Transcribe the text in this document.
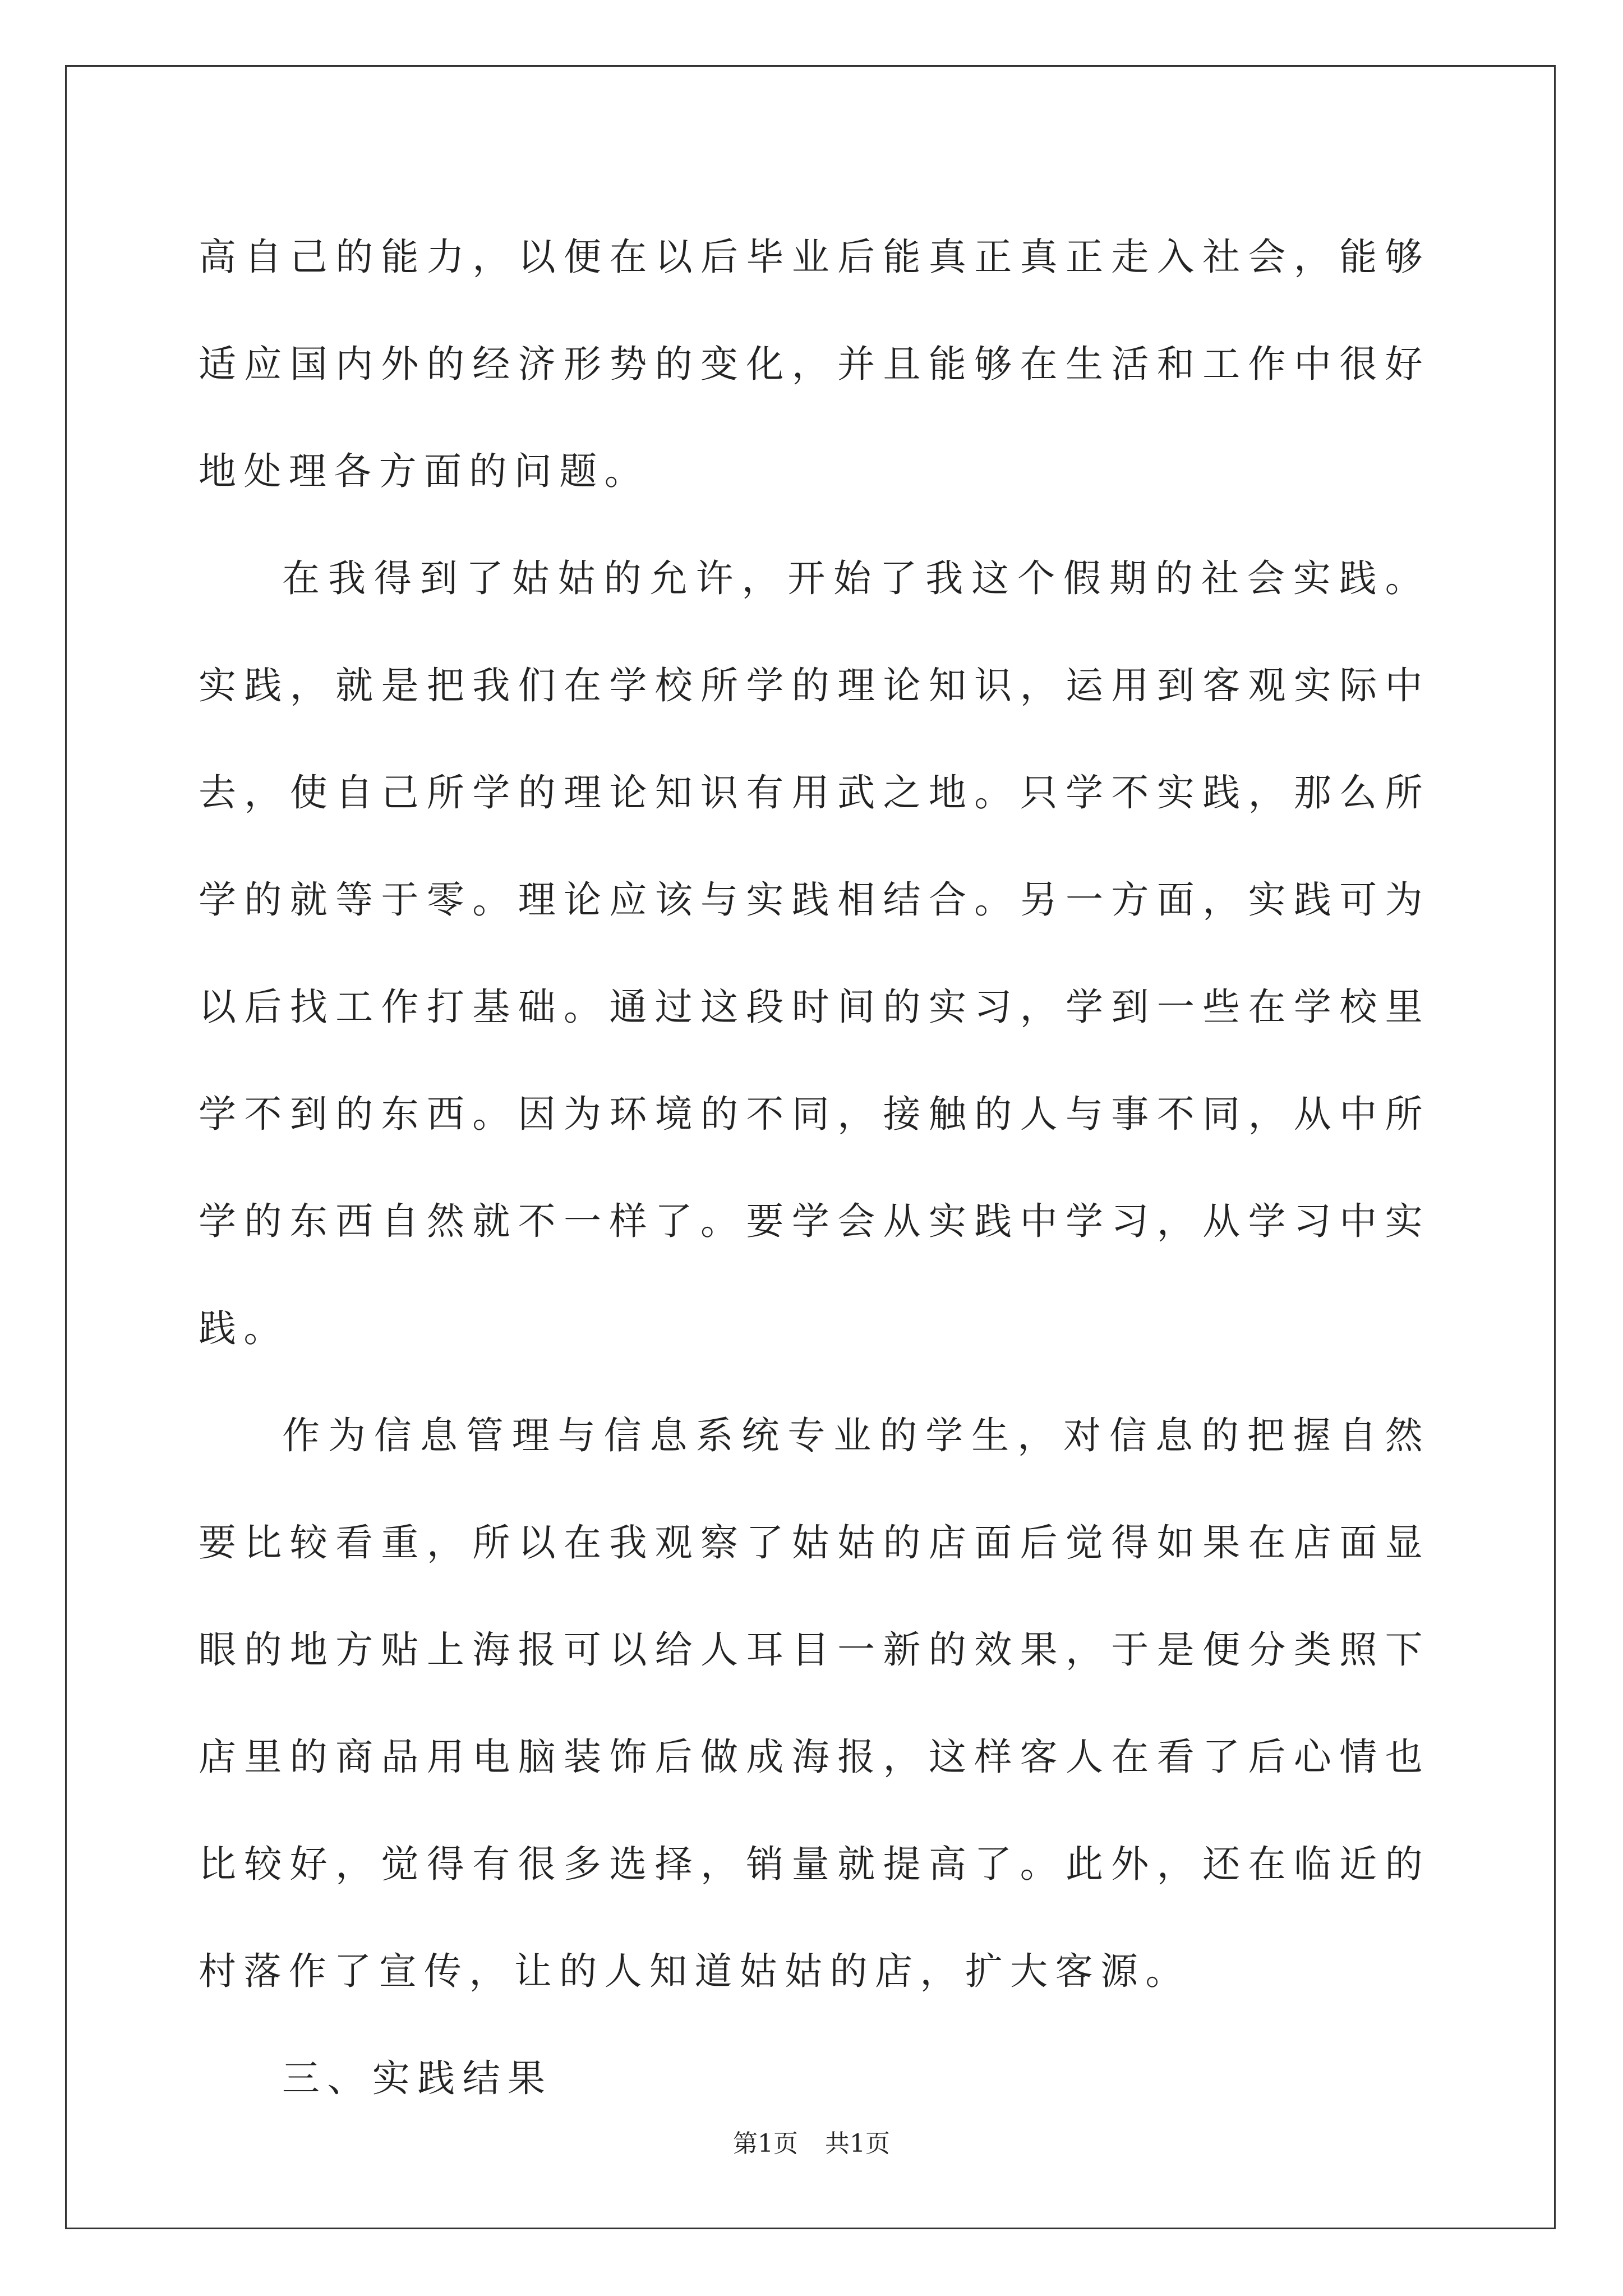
高自己的能力，以便在以后毕业后能真正真正走入社会，能够适应国内外的经济形势的变化，并且能够在生活和工作中很好地处理各方面的问题。

在我得到了姑姑的允许，开始了我这个假期的社会实践。实践，就是把我们在学校所学的理论知识，运用到客观实际中去，使自己所学的理论知识有用武之地。只学不实践，那么所学的就等于零。理论应该与实践相结合。另一方面，实践可为以后找工作打基础。通过这段时间的实习，学到一些在学校里学不到的东西。因为环境的不同，接触的人与事不同，从中所学的东西自然就不一样了。要学会从实践中学习，从学习中实践。

作为信息管理与信息系统专业的学生，对信息的把握自然要比较看重，所以在我观察了姑姑的店面后觉得如果在店面显眼的地方贴上海报可以给人耳目一新的效果，于是便分类照下店里的商品用电脑装饰后做成海报，这样客人在看了后心情也比较好，觉得有很多选择，销量就提高了。此外，还在临近的村落作了宣传，让的人知道姑姑的店，扩大客源。

三、实践结果

第1页 共1页
